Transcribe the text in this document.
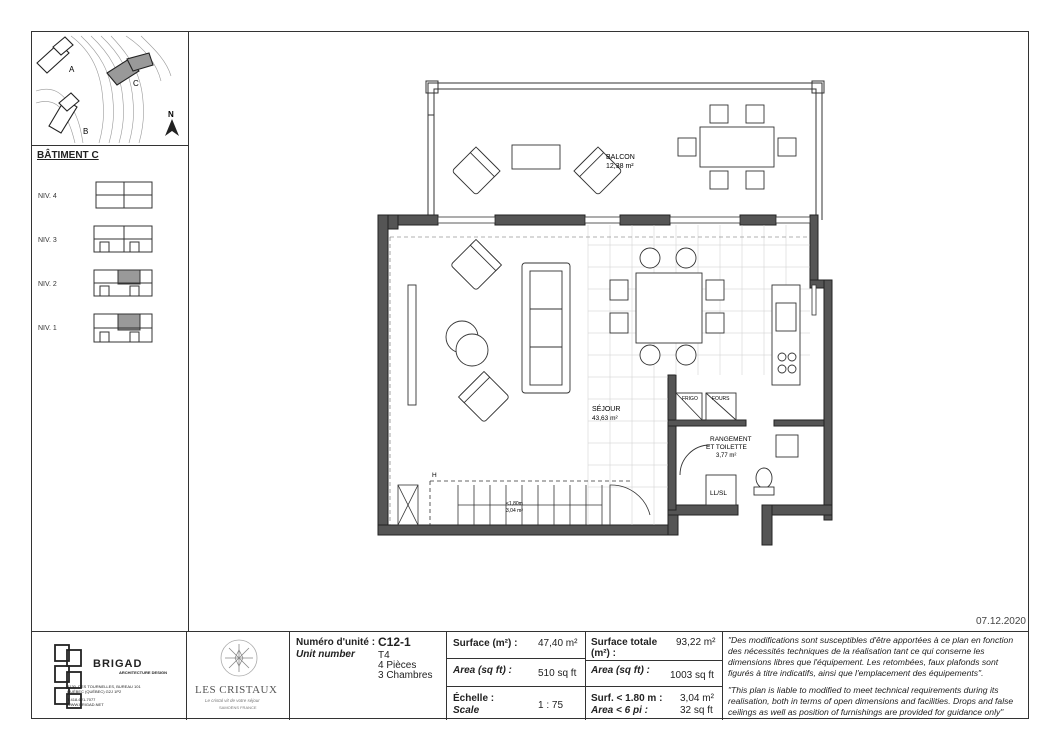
A
B
C
N
BÂTIMENT C
NIV. 4
NIV. 3
NIV. 2
NIV. 1
BALCON
12,38 m²
FRIGO	FOURS
LL/SL
H
<1,80m
3,04 m²
SÉJOUR
43,63 m²
RANGEMENT
ET TOILETTE
3,77 m²
07.12.2020
BRIGAD
ARCHITECTURE DESIGN
4130, DES TOURNELLES, BUREAU 101
QUÉBEC (QUÉBEC) G2J 1P2
T 418-621-7077
WWW.BRIGAD.NET
LES CRISTAUX
Le cristal vit de votre séjour
SAMOËNS FRANCE
Numéro d'unité : C12-1
Unit number T4
4 Pièces
3 Chambres
Surface (m²) : 47,40 m²
Area (sq ft) :	510 sq ft
Échelle :
Scale	1 : 75
Surface totale
(m²) :
93,22 m²
Area (sq ft) : 1003 sq ft
Surf. < 1.80 m :
Area < 6 pi :
3,04 m²
32 sq ft
"Des modifications sont susceptibles d'être apportées à ce plan en fonction
des nécessités techniques de la réalisation tant ce qui conserne les
dimensions libres que l'équipement. Les retombées, faux plafonds sont
figurés à titre indicatifs, ainsi que l'emplacement des équipements".
"This plan is liable to modified to meet technical requirements during its
realisation, both in terms of open dimensions and facilities. Drops and false
ceilings as well as position of furnishings are provided for guidance only"
